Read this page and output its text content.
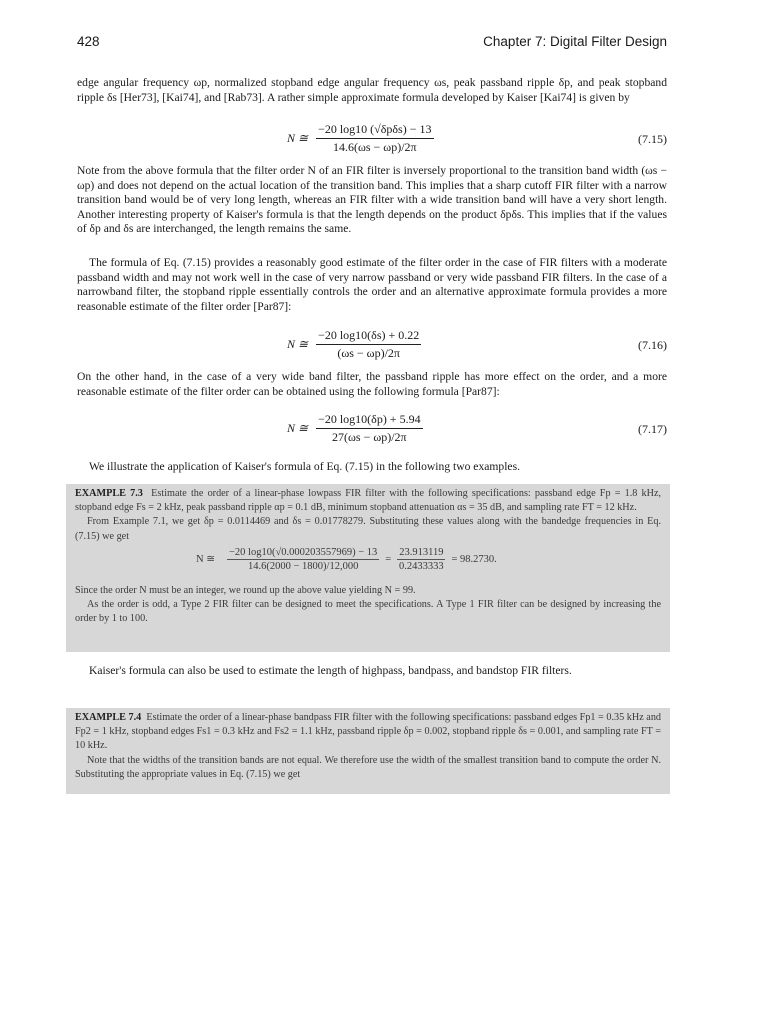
428	Chapter 7: Digital Filter Design

edge angular frequency ωp, normalized stopband edge angular frequency ωs, peak passband ripple δp, and peak stopband ripple δs [Her73], [Kai74], and [Rab73]. A rather simple approximate formula developed by Kaiser [Kai74] is given by

N ≅ $\frac{\text{−20 log10 (√δpδs) − 13}}{14.6(\omega s - \omega p)/2\pi}$	(7.15)

Note from the above formula that the filter order N of an FIR filter is inversely proportional to the transition band width (ωs − ωp) and does not depend on the actual location of the transition band. This implies that a sharp cutoff FIR filter with a narrow transition band would be of very long length, whereas an FIR filter with a wide transition band will have a very short length. Another interesting property of Kaiser's formula is that the length depends on the product δpδs. This implies that if the values of δp and δs are interchanged, the length remains the same.

The formula of Eq. (7.15) provides a reasonably good estimate of the filter order in the case of FIR filters with a moderate passband width and may not work well in the case of very narrow passband or very wide passband FIR filters. In the case of a narrowband filter, the stopband ripple essentially controls the order and an alternative approximate formula provides a more reasonable estimate of the filter order [Par87]:

N ≅ $\frac{-20 \log 10(\delta s) + 0.22}{(\omega s - \omega p)/2\pi}$	(7.16)

On the other hand, in the case of a very wide band filter, the passband ripple has more effect on the order, and a more reasonable estimate of the filter order can be obtained using the following formula [Par87]:

N ≅ $\frac{-20 \log 10(\delta p) + 5.94}{27(\omega s - \omega p)/2\pi}$	(7.17)

We illustrate the application of Kaiser's formula of Eq. (7.15) in the following two examples.

EXAMPLE 7.3 Estimate the order of a linear-phase lowpass FIR filter with the following specifications: passband edge Fp = 1.8 kHz, stopband edge Fs = 2 kHz, peak passband ripple αp = 0.1 dB, minimum stopband attenuation αs = 35 dB, and sampling rate FT = 12 kHz.

From Example 7.1, we get δp = 0.0114469 and δs = 0.01778279. Substituting these values along with the bandedge frequencies in Eq. (7.15) we get

N ≅ $\frac{-20 \log 10(√0.000203557969) - 13}{14.6(2000 - 1800)/12,000} = \frac{23.913119}{0.2433333} = 98.2730$.

Since the order N must be an integer, we round up the above value yielding N = 99.

As the order is odd, a Type 2 FIR filter can be designed to meet the specifications. A Type 1 FIR filter can be designed by increasing the order by 1 to 100.

Kaiser's formula can also be used to estimate the length of highpass, bandpass, and bandstop FIR filters.

EXAMPLE 7.4 Estimate the order of a linear-phase bandpass FIR filter with the following specifications: passband edges Fp1 = 0.35 kHz and Fp2 = 1 kHz, stopband edges Fs1 = 0.3 kHz and Fs2 = 1.1 kHz, passband ripple δp = 0.002, stopband ripple δs = 0.001, and sampling rate FT = 10 kHz.

Note that the widths of the transition bands are not equal. We therefore use the width of the smallest transition band to compute the order N. Substituting the appropriate values in Eq. (7.15) we get
